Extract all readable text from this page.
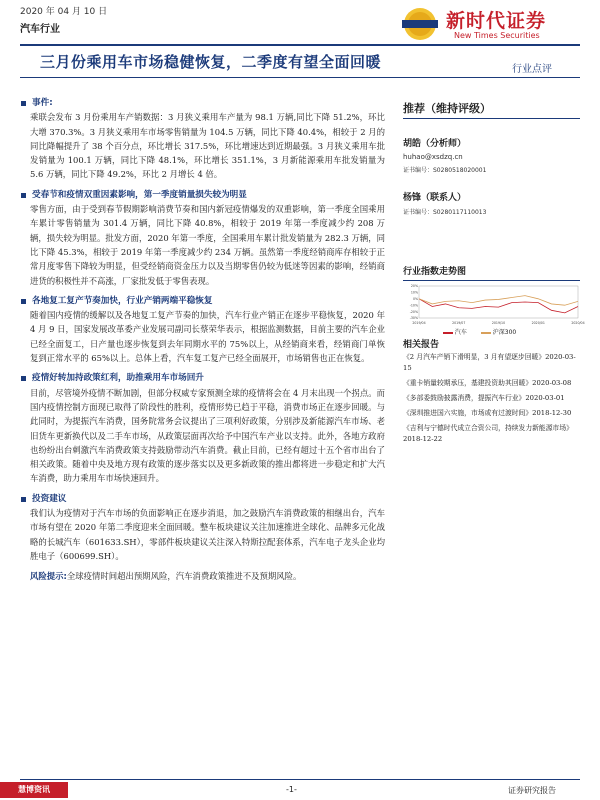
2020 年 04 月 10 日
汽车行业	新时代证券
New Times Securities
三月份乘用车市场稳健恢复，二季度有望全面回暖	行业点评

事件:

乘联会发布 3 月份乘用车产销数据：3 月狭义乘用车产量为 98.1 万辆,同比下降 51.2%，环比大增 370.3%。3 月狭义乘用车市场零售销量为 104.5 万辆，同比下降 40.4%，相较于 2 月的同比降幅提升了 38 个百分点，环比增长 317.5%，环比增速达到近期最强。3 月狭义乘用车批发销量为 100.1 万辆，同比下降 48.1%，环比增长 351.1%，3 月新能源乘用车批发销量为 5.6 万辆，同比下降 49.2%，环比 2 月增长 4 倍。

受春节和疫情双重因素影响，第一季度销量损失较为明显

零售方面，由于受到春节假期影响消费节奏和国内新冠疫情爆发的双重影响，第一季度全国乘用车累计零售销量为 301.4 万辆，同比下降 40.8%，相较于 2019 年第一季度减少约 208 万辆，损失较为明显。批发方面，2020 年第一季度，全国乘用车累计批发销量为 282.3 万辆，同比下降 45.3%，相较于 2019 年第一季度减少约 234 万辆。虽然第一季度经销商库存相较于正常月度零售下降较为明显，但受经销商资金压力以及当期零售仍较为低迷等因素的影响，经销商进货的积极性并不高涨，厂家批发低于零售表现。

各地复工复产节奏加快，行业产销两端平稳恢复

随着国内疫情的缓解以及各地复工复产节奏的加快，汽车行业产销正在逐步平稳恢复，2020 年 4 月 9 日，国家发展改革委产业发展司副司长蔡荣华表示，根据监测数据，目前主要的汽车企业已经全面复工，日产量也逐步恢复到去年同期水平的 75%以上，从经销商来看，经销商门单恢复到正常水平的 65%以上。总体上看，汽车复工复产已经全面展开，市场销售也正在恢复。

疫情好转加持政策红利，助推乘用车市场回升

目前，尽管境外疫情不断加剧，但部分权威专家预测全球的疫情将会在 4 月末出现一个拐点。而国内疫情控制方面现已取得了阶段性的胜利，疫情形势已趋于平稳，消费市场正在逐步回暖。与此同时，为提振汽车消费，国务院常务会议提出了三项利好政策，分别涉及新能源汽车市场、老旧货车更新换代以及二手车市场，从政策层面再次给予中国汽车产业以支持。此外，各地方政府也纷纷出台刺激汽车消费政策支持鼓励带动汽车消费。截止目前，已经有超过十五个省市出台了相关政策。随着中央及地方现有政策的逐步落实以及更多新政策的推出都将进一步稳定和扩大汽车消费，助力乘用车市场快速回升。

投资建议

我们认为疫情对于汽车市场的负面影响正在逐步消退，加之鼓励汽车消费政策的相继出台，汽车市场有望在 2020 年第二季度迎来全面回暖。整车板块建议关注加速推进全球化、品牌多元化战略的长城汽车（601633.SH），零部件板块建议关注深入特斯拉配套体系，汽车电子龙头企业均胜电子（600699.SH）。

风险提示:全球疫情时间超出预期风险，汽车消费政策推进不及预期风险。

推荐（维持评级）
胡皓（分析师）
huhao@xsdzq.cn
证书编号：S0280518020001
杨锋（联系人）
证书编号：S0280117110013
行业指数走势图
20%
10%
0%
-10%
-20%
-30%
2019/04	2019/07	2019/10	2020/01	2020/04
汽车	沪深300
相关报告
《2 月汽车产销下滑明显，3 月有望逐步回暖》2020-03-15
《重卡销量较期承压，基建投资助其回暖》2020-03-08
《多部委鼓励披露消费，提振汽车行业》2020-03-01
《深圳推进国六实施，市场或有过渡时间》2018-12-30
《吉利与宁德时代成立合资公司，持续发力新能源市场》2018-12-22
慧博资讯	-1-	证券研究报告
